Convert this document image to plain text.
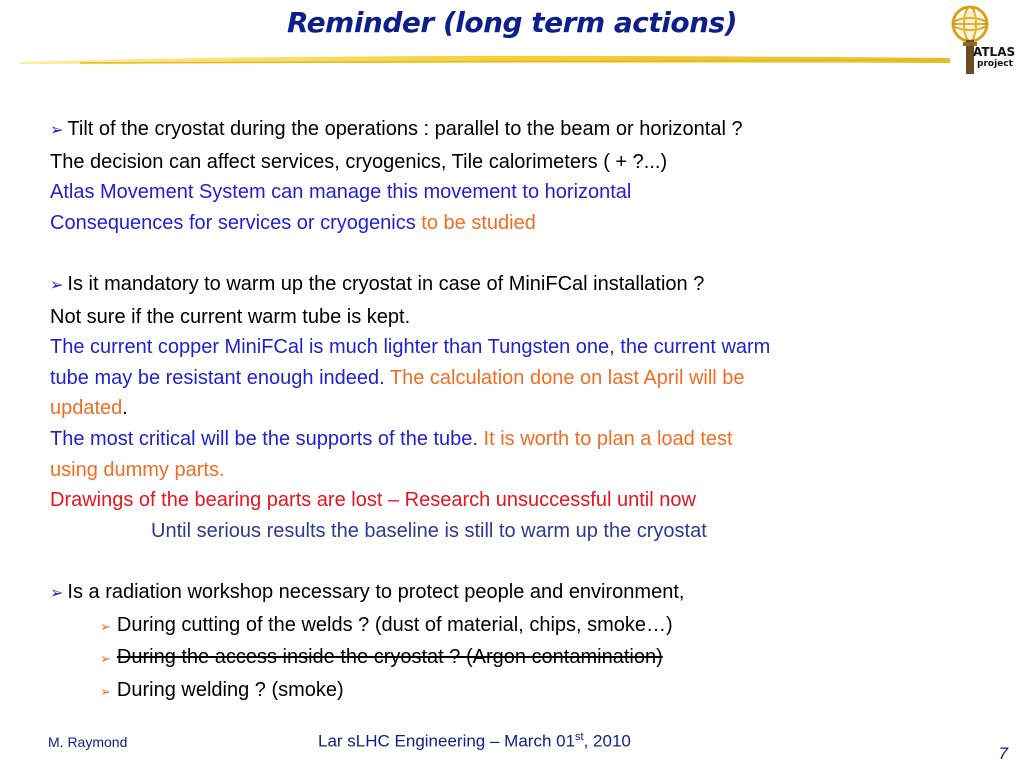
Reminder (long term actions)
ATLAS
project
➢ Tilt of the cryostat during the operations : parallel to the beam or horizontal ?
The decision can affect services, cryogenics, Tile calorimeters ( + ?...)
Atlas Movement System can manage this movement to horizontal
Consequences for services or cryogenics to be studied
➢ Is it mandatory to warm up the cryostat in case of MiniFCal installation ?
Not sure if the current warm tube is kept.
The current copper MiniFCal is much lighter than Tungsten one, the current warm
tube may be resistant enough indeed. The calculation done on last April will be
updated.
The most critical will be the supports of the tube. It is worth to plan a load test
using dummy parts.
Drawings of the bearing parts are lost – Research unsuccessful until now
Until serious results the baseline is still to warm up the cryostat
➢ Is a radiation workshop necessary to protect people and environment,
➢ During cutting of the welds ? (dust of material, chips, smoke…)
➢ During the access inside the cryostat ? (Argon contamination)
➢ During welding ? (smoke)
M. Raymond	Lar sLHC Engineering – March 01st, 2010
7
